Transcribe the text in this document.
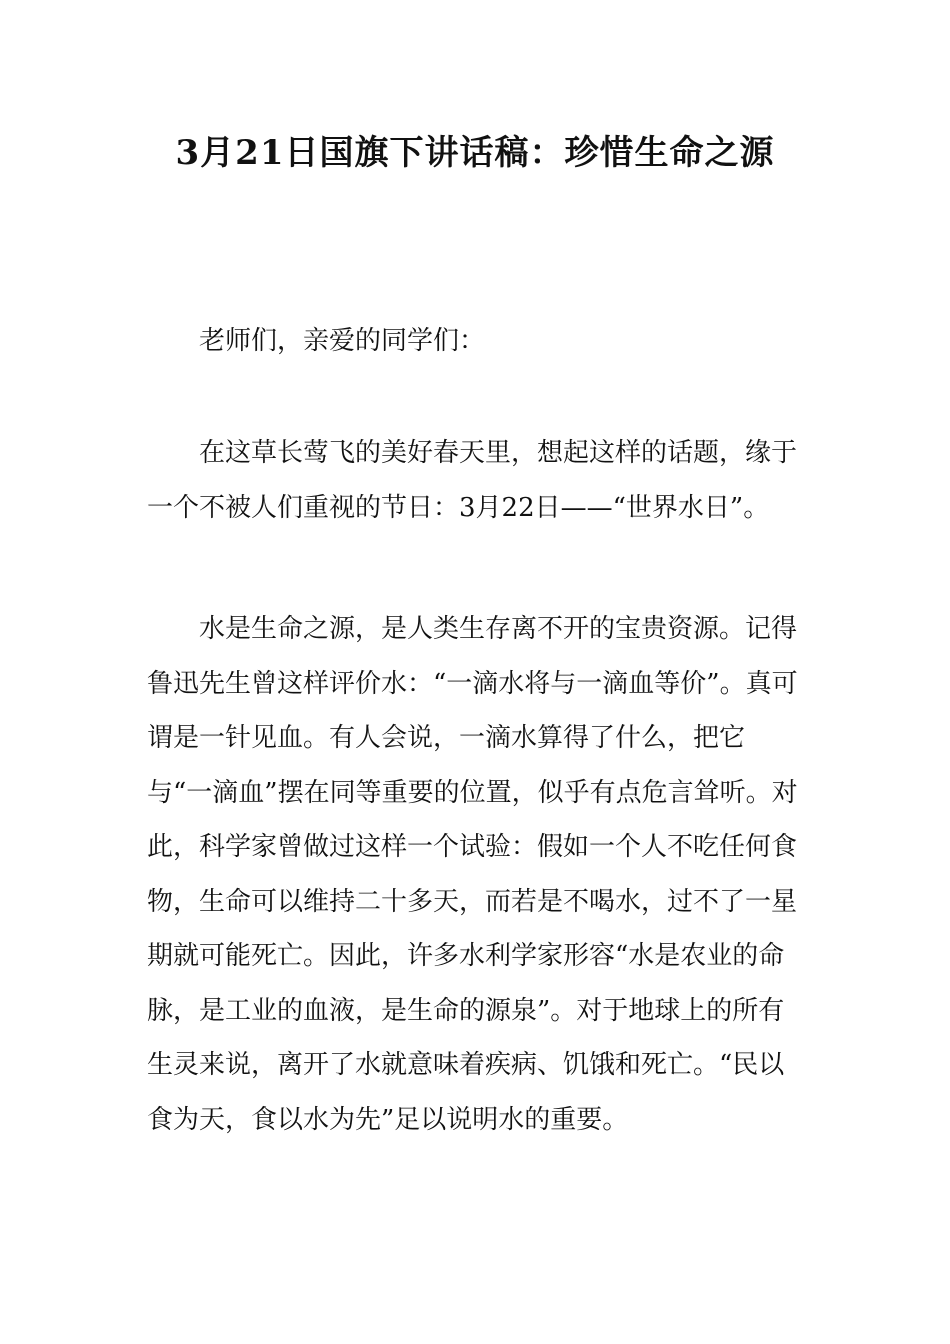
3月21日国旗下讲话稿：珍惜生命之源

老师们，亲爱的同学们：

在这草长莺飞的美好春天里，想起这样的话题，缘于一个不被人们重视的节日：3月22日——“世界水日”。

水是生命之源，是人类生存离不开的宝贵资源。记得鲁迅先生曾这样评价水：“一滴水将与一滴血等价”。真可谓是一针见血。有人会说，一滴水算得了什么，把它与“一滴血”摆在同等重要的位置，似乎有点危言耸听。对此，科学家曾做过这样一个试验：假如一个人不吃任何食物，生命可以维持二十多天，而若是不喝水，过不了一星期就可能死亡。因此，许多水利学家形容“水是农业的命脉，是工业的血液，是生命的源泉”。对于地球上的所有生灵来说，离开了水就意味着疾病、饥饿和死亡。“民以食为天，食以水为先”足以说明水的重要。
